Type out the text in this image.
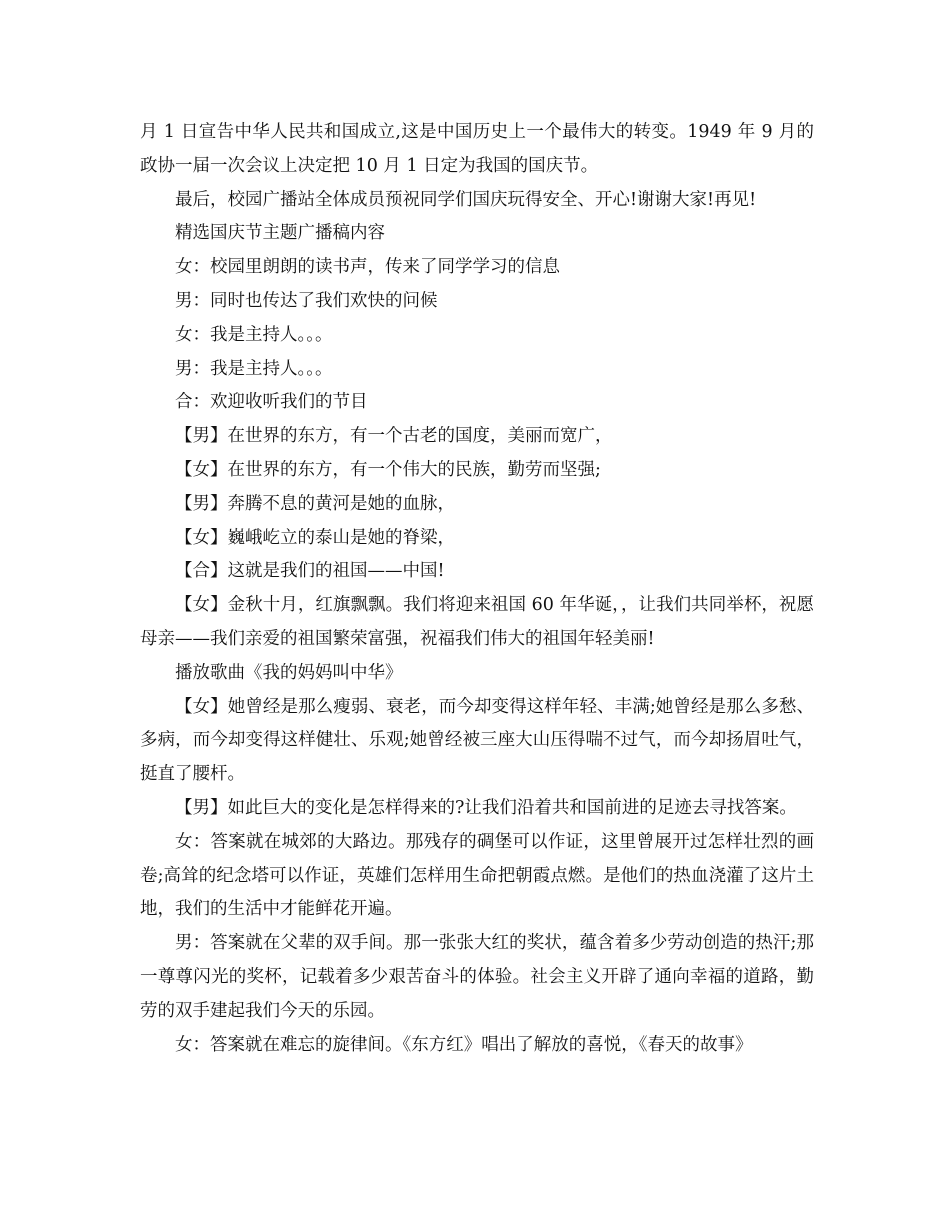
月 1 日宣告中华人民共和国成立,这是中国历史上一个最伟大的转变。1949 年 9 月的政协一届一次会议上决定把 10 月 1 日定为我国的国庆节。

最后，校园广播站全体成员预祝同学们国庆玩得安全、开心!谢谢大家!再见!

精选国庆节主题广播稿内容

女：校园里朗朗的读书声，传来了同学学习的信息

男：同时也传达了我们欢快的问候

女：我是主持人。。。

男：我是主持人。。。

合：欢迎收听我们的节目

【男】在世界的东方，有一个古老的国度，美丽而宽广，

【女】在世界的东方，有一个伟大的民族，勤劳而坚强;

【男】奔腾不息的黄河是她的血脉，

【女】巍峨屹立的泰山是她的脊梁，

【合】这就是我们的祖国——中国!

【女】金秋十月，红旗飘飘。我们将迎来祖国 60 年华诞，，让我们共同举杯，祝愿母亲——我们亲爱的祖国繁荣富强，祝福我们伟大的祖国年轻美丽!

播放歌曲《我的妈妈叫中华》

【女】她曾经是那么瘦弱、衰老，而今却变得这样年轻、丰满;她曾经是那么多愁、多病，而今却变得这样健壮、乐观;她曾经被三座大山压得喘不过气，而今却扬眉吐气，挺直了腰杆。

【男】如此巨大的变化是怎样得来的?让我们沿着共和国前进的足迹去寻找答案。

女：答案就在城郊的大路边。那残存的碉堡可以作证，这里曾展开过怎样壮烈的画卷;高耸的纪念塔可以作证，英雄们怎样用生命把朝霞点燃。是他们的热血浇灌了这片土地，我们的生活中才能鲜花开遍。

男：答案就在父辈的双手间。那一张张大红的奖状，蕴含着多少劳动创造的热汗;那一尊尊闪光的奖杯，记载着多少艰苦奋斗的体验。社会主义开辟了通向幸福的道路，勤劳的双手建起我们今天的乐园。

女：答案就在难忘的旋律间。《东方红》唱出了解放的喜悦，《春天的故事》
